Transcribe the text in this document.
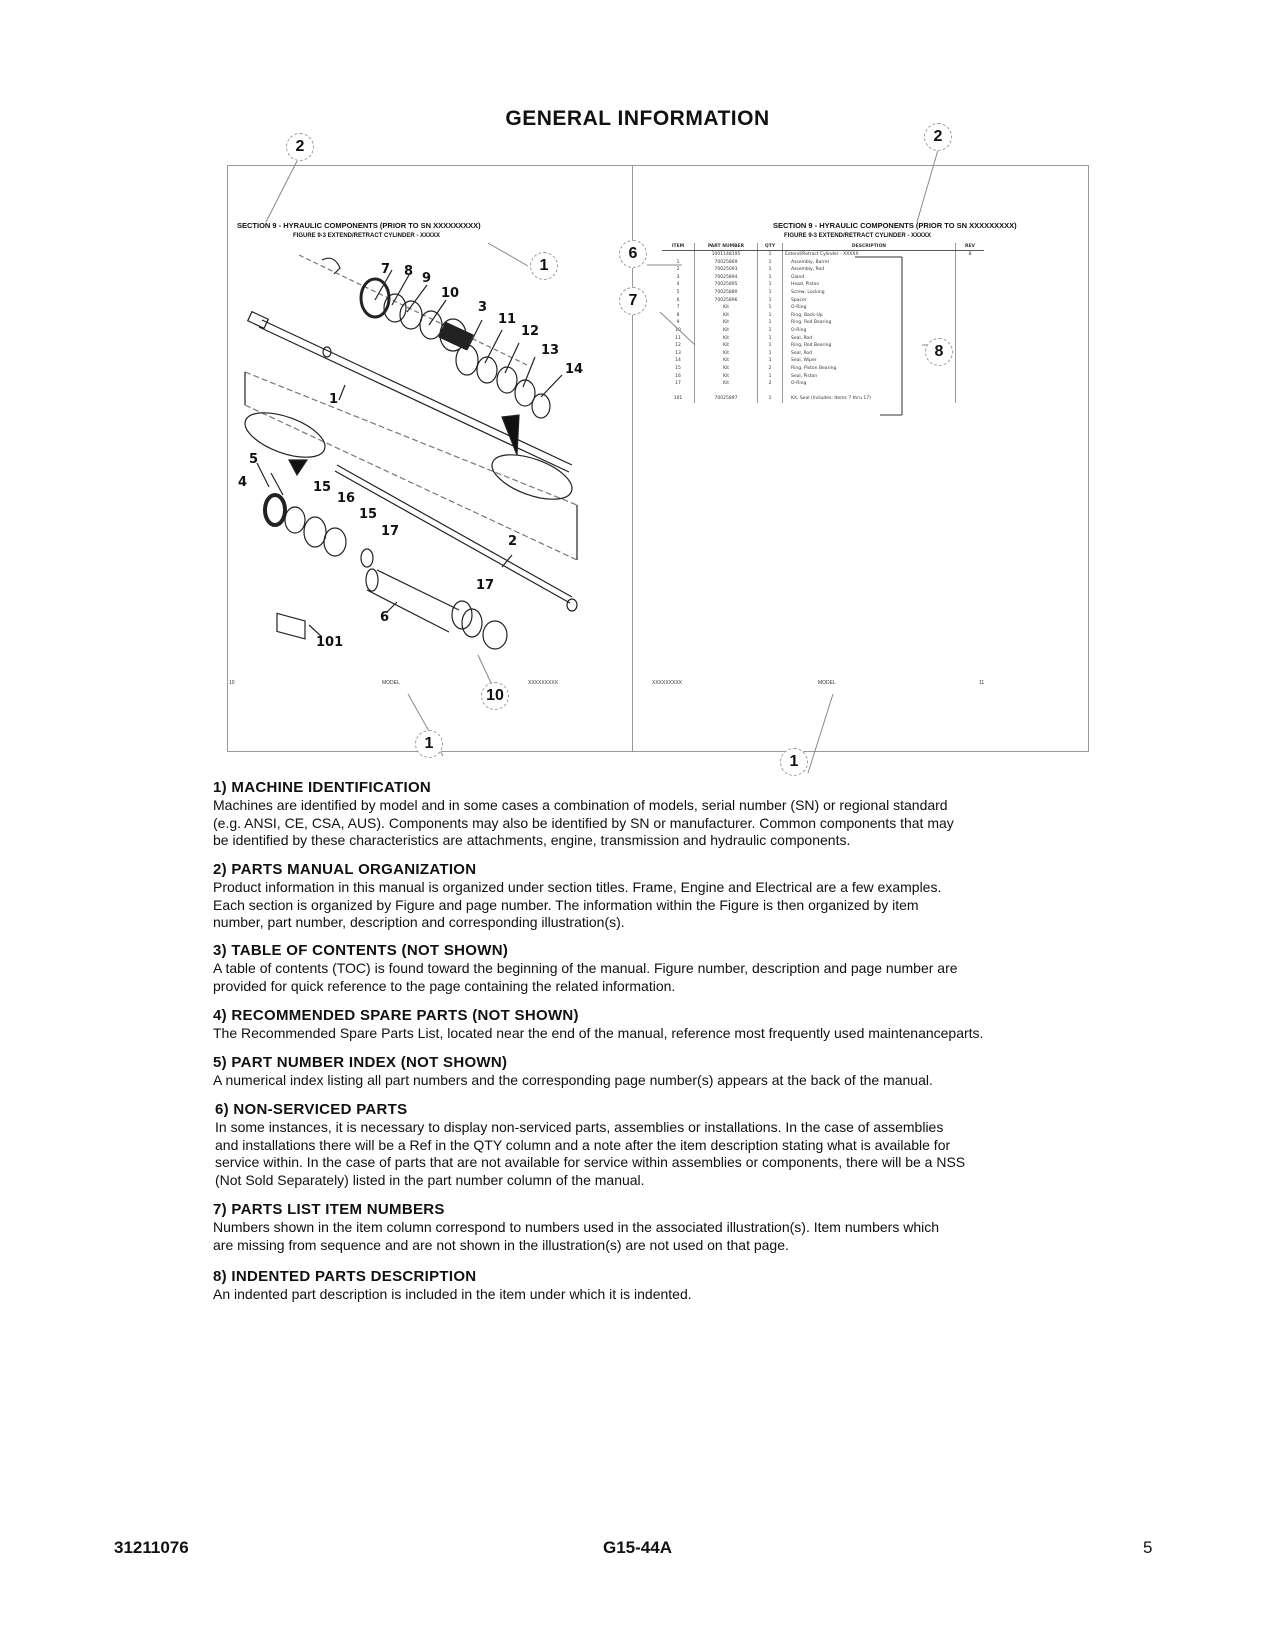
GENERAL INFORMATION
SECTION 9 - HYRAULIC COMPONENTS (PRIOR TO SN XXXXXXXXX)
FIGURE 9-3 EXTEND/RETRACT CYLINDER - XXXXX
SECTION 9 - HYRAULIC COMPONENTS (PRIOR TO SN XXXXXXXXX)
FIGURE 9-3 EXTEND/RETRACT CYLINDER - XXXXX
7 8 9
10
3
11
12
13
14
1
5
4	15
16
15
17
2
17
6
101
10	MODEL	XXXXXXXXX	XXXXXXXXX	MODEL	11
ITEM	PART NUMBER	QTY	DESCRIPTION	REV
	1001148195	1	Extend/Retract Cylinder - XXXXX	B
1	70025869	1	Assembly, Barrel	
2	70025093	1	Assembly, Rod	
3	70025894	1	Gland	
4	70025895	1	Head, Piston	
5	70025880	1	Screw, Locking	
6	70025896	1	Spacer	
7	Kit	1	O-Ring	
8	Kit	1	Ring, Back-Up	
9	Kit	1	Ring, Rod Bearing	
10	Kit	1	O-Ring	
11	Kit	1	Seal, Rod	
12	Kit	1	Ring, Rod Bearing	
13	Kit	1	Seal, Rod	
14	Kit	1	Seal, Wiper	
15	Kit	2	Ring, Piston Bearing	
16	Kit	1	Seal, Piston	
17	Kit	2	O-Ring	

101	70025897	1	Kit, Seal (Includes: Items 7 thru 17)	
2
2
1
6
7
8
10
1
1
1) MACHINE IDENTIFICATION

Machines are identified by model and in some cases a combination of models, serial number (SN) or regional standard

(e.g. ANSI, CE, CSA, AUS). Components may also be identified by SN or manufacturer. Common components that may

be identified by these characteristics are attachments, engine, transmission and hydraulic components.

2) PARTS MANUAL ORGANIZATION

Product information in this manual is organized under section titles. Frame, Engine and Electrical are a few examples.

Each section is organized by Figure and page number. The information within the Figure is then organized by item

number, part number, description and corresponding illustration(s).

3) TABLE OF CONTENTS (NOT SHOWN)

A table of contents (TOC) is found toward the beginning of the manual. Figure number, description and page number are

provided for quick reference to the page containing the related information.

4) RECOMMENDED SPARE PARTS (NOT SHOWN)

The Recommended Spare Parts List, located near the end of the manual, reference most frequently used maintenanceparts.

5) PART NUMBER INDEX (NOT SHOWN)

A numerical index listing all part numbers and the corresponding page number(s) appears at the back of the manual.

6) NON-SERVICED PARTS

In some instances, it is necessary to display non-serviced parts, assemblies or installations. In the case of assemblies

and installations there will be a Ref in the QTY column and a note after the item description stating what is available for

service within. In the case of parts that are not available for service within assemblies or components, there will be a NSS

(Not Sold Separately) listed in the part number column of the manual.

7) PARTS LIST ITEM NUMBERS

Numbers shown in the item column correspond to numbers used in the associated illustration(s). Item numbers which

are missing from sequence and are not shown in the illustration(s) are not used on that page.

8) INDENTED PARTS DESCRIPTION

An indented part description is included in the item under which it is indented.

31211076	G15-44A	5
